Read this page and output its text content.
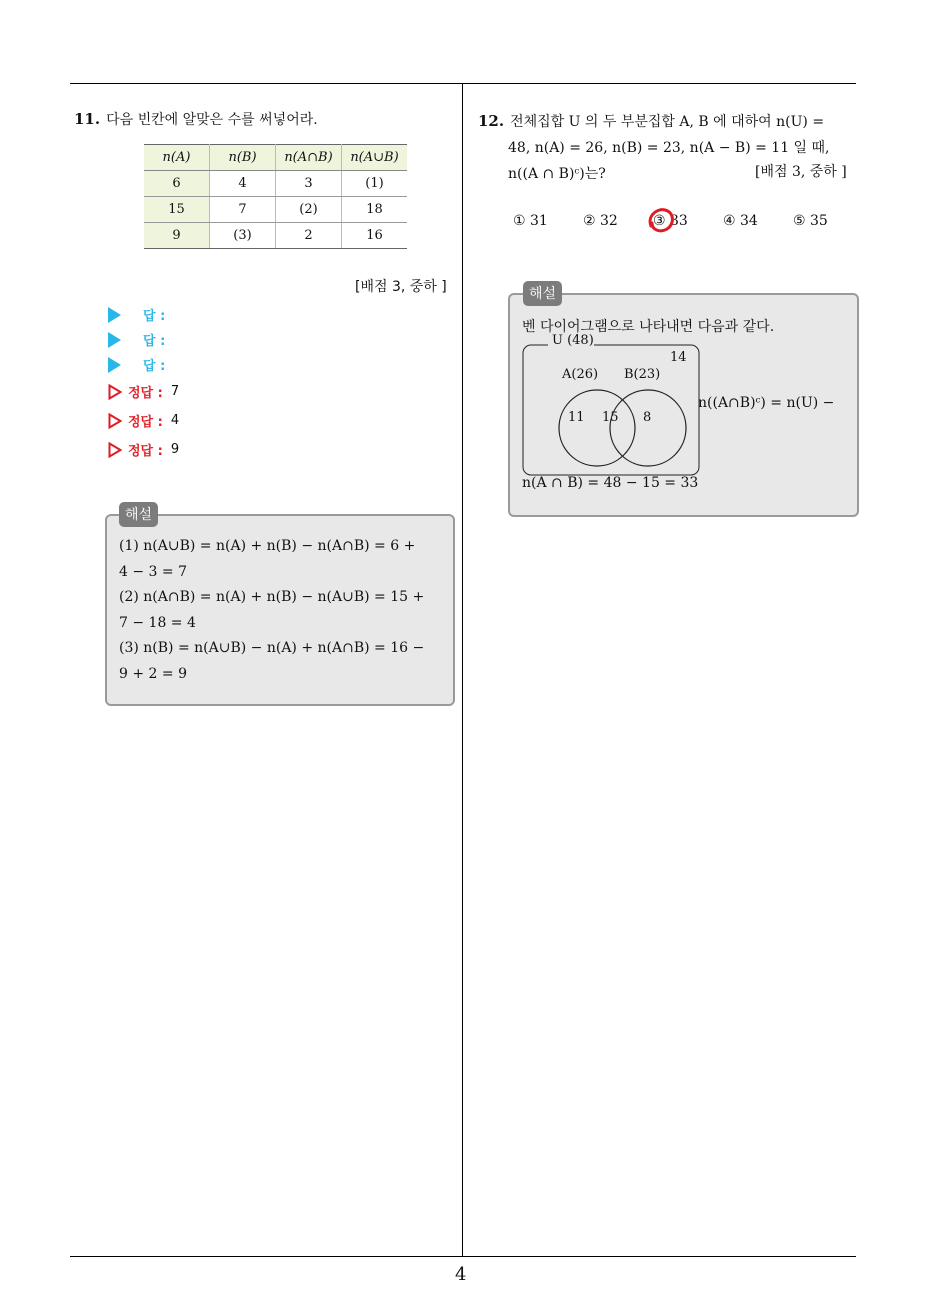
11. 다음 빈칸에 알맞은 수를 써넣어라.
n(A)	n(B)	n(A∩B)	n(A∪B)
6	4	3	(1)
15	7	(2)	18
9	(3)	2	16
[배점 3, 중하 ]
답 :
답 :
답 :
정답 : 7
정답 : 4
정답 : 9
(1) n(A∪B) = n(A) + n(B) − n(A∩B) = 6 +
4 − 3 = 7
(2) n(A∩B) = n(A) + n(B) − n(A∪B) = 15 +
7 − 18 = 4
(3) n(B) = n(A∪B) − n(A) + n(A∩B) = 16 −
9 + 2 = 9
해설
12. 전체집합 U 의 두 부분집합 A, B 에 대하여 n(U) =
48, n(A) = 26, n(B) = 23, n(A − B) = 11 일 때,
n((A ∩ B)ᶜ)는?	[배점 3, 중하 ]
① 31	② 32	③ 33	④ 34	⑤ 35
벤 다이어그램으로 나타내면 다음과 같다.
U (48)
14
A(26) B(23)
11 15 8
n((A∩B)ᶜ) = n(U) −
n(A ∩ B) = 48 − 15 = 33
해설
4
